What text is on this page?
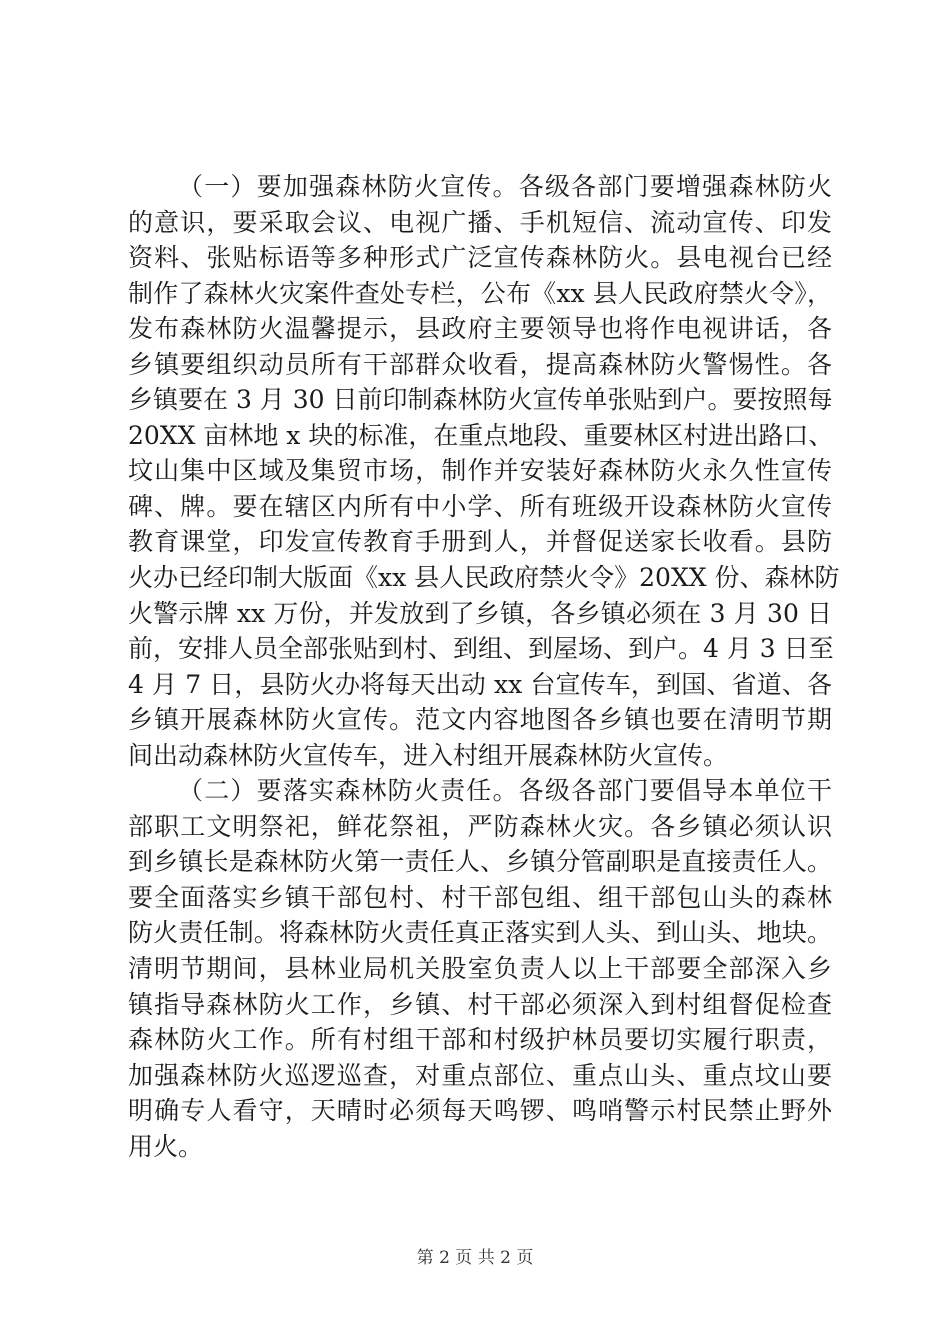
（一）要加强森林防火宣传。各级各部门要增强森林防火
的意识，要采取会议、电视广播、手机短信、流动宣传、印发
资料、张贴标语等多种形式广泛宣传森林防火。县电视台已经
制作了森林火灾案件查处专栏，公布《xx 县人民政府禁火令》，
发布森林防火温馨提示，县政府主要领导也将作电视讲话，各
乡镇要组织动员所有干部群众收看，提高森林防火警惕性。各
乡镇要在 3 月 30 日前印制森林防火宣传单张贴到户。要按照每
20XX 亩林地 x 块的标准，在重点地段、重要林区村进出路口、
坟山集中区域及集贸市场，制作并安装好森林防火永久性宣传
碑、牌。要在辖区内所有中小学、所有班级开设森林防火宣传
教育课堂，印发宣传教育手册到人，并督促送家长收看。县防
火办已经印制大版面《xx 县人民政府禁火令》20XX 份、森林防
火警示牌 xx 万份，并发放到了乡镇，各乡镇必须在 3 月 30 日
前，安排人员全部张贴到村、到组、到屋场、到户。4 月 3 日至
4 月 7 日，县防火办将每天出动 xx 台宣传车，到国、省道、各
乡镇开展森林防火宣传。范文内容地图各乡镇也要在清明节期
间出动森林防火宣传车，进入村组开展森林防火宣传。
（二）要落实森林防火责任。各级各部门要倡导本单位干
部职工文明祭祀，鲜花祭祖，严防森林火灾。各乡镇必须认识
到乡镇长是森林防火第一责任人、乡镇分管副职是直接责任人。
要全面落实乡镇干部包村、村干部包组、组干部包山头的森林
防火责任制。将森林防火责任真正落实到人头、到山头、地块。
清明节期间，县林业局机关股室负责人以上干部要全部深入乡
镇指导森林防火工作，乡镇、村干部必须深入到村组督促检查
森林防火工作。所有村组干部和村级护林员要切实履行职责，
加强森林防火巡逻巡查，对重点部位、重点山头、重点坟山要
明确专人看守，天晴时必须每天鸣锣、鸣哨警示村民禁止野外
用火。
第 2 页 共 2 页
